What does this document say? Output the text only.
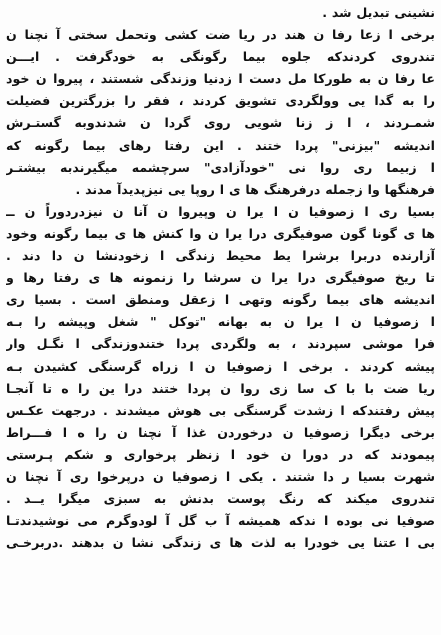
نشینی تبدیل شد .
برخی ا زعا رفا ن هند در ریا ضت کشی وتحمل سختی آ نچنا ن
تندروی کردندکه جلوه بیما رگونگی به خودگرفت . ایـــن
عا رفا ن به طورکا مل دست ا زدنیا وزندگی شستند ، پیروا ن خود
را به گدا یی وولگردی تشویق کردند ، فقر را بزرگترین فضیلت
شمـردند ، ا ز زنا شویی روی گردا ن شدندوبه گستـرش
اندیشه "بیزنی" پردا ختند . این رفتا رهای بیما رگونه که
ا زبیما ری روا نی "خودآزادی" سرچشمه میگیرندبه بیشتـر
فرهنگها وا زجمله درفرهنگ ها ی ا روپا یی نیزپدیدآ مدند .
بسیا ری ا زصوفیا ن ا یرا ن وپیروا ن آنا ن نیزدردوراً ن ــ
ها ی گونا گون صوفیگری درا یرا ن وا کنش ها ی بیما رگونه وخود
آزارنده دربرا برشرا یط محیط زندگی ا زخودنشا ن دا دند .
تا ریخ صوفیگری درا یرا ن سرشا را زنمونه ها ی رفتا رها و
اندیشه های بیما رگونه وتهی ا زعقل ومنطق است . بسیا ری
ا زصوفیا ن ا یرا ن به بهانه "توکل " شغل وپیشه را بـه
فرا موشی سپردند ، به ولگردی پردا ختندوزندگی ا نگـل وار
پیشه کردند . برخی ا زصوفیا ن ا زراه گرسنگی کشیدن بـه
ریا ضت با با ک سا زی روا ن پردا ختند درا ین را ه تا آنجـا
پیش رفتندکه ا زشدت گرسنگی بی هوش میشدند . درجهت عکـس
برخی دیگرا زصوفیا ن درخوردن غذا آ نچنا ن را ه ا فـــراط
پیمودند که در دورا ن خود ا زنظر پرخواری و شکم پـرستی
شهرت بسیا ر دا شتند . یکی ا زصوفیا ن درپرخوا ری آ نچنا ن
تندروی میکند که رنگ پوست بدنش به سبزی میگرا یــد .
صوفیا نی بوده ا ندکه همیشه آ ب گل آ لودوگرم می نوشیدندتـا
بی ا عتنا یی خودرا به لذت ها ی زندگی نشا ن بدهند .دربرخـی
